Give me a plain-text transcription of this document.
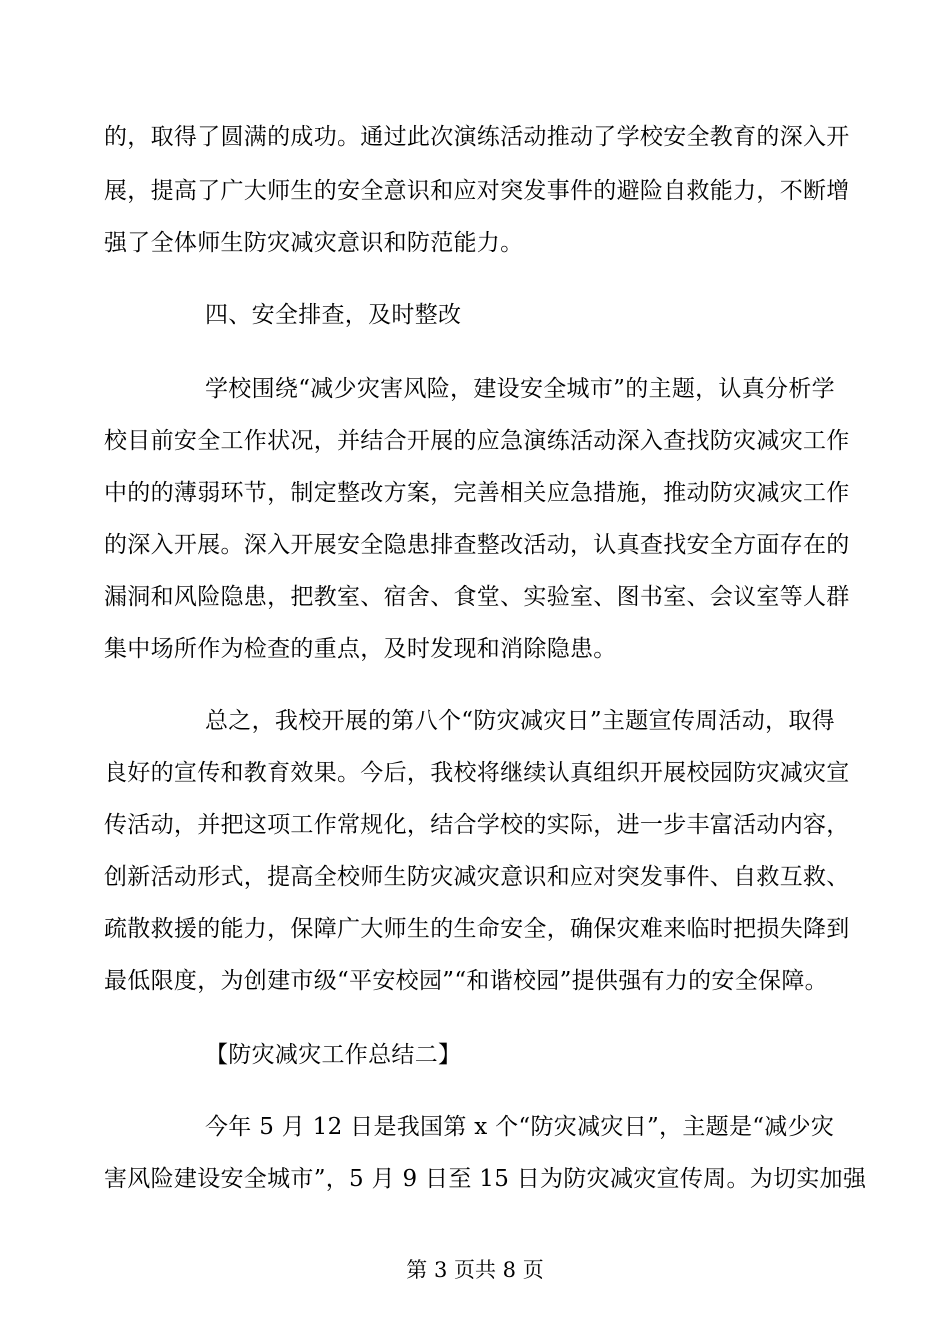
的，取得了圆满的成功。通过此次演练活动推动了学校安全教育的深入开
展，提高了广大师生的安全意识和应对突发事件的避险自救能力，不断增
强了全体师生防灾减灾意识和防范能力。
四、安全排查，及时整改
学校围绕“减少灾害风险，建设安全城市”的主题，认真分析学
校目前安全工作状况，并结合开展的应急演练活动深入查找防灾减灾工作
中的的薄弱环节，制定整改方案，完善相关应急措施，推动防灾减灾工作
的深入开展。深入开展安全隐患排查整改活动，认真查找安全方面存在的
漏洞和风险隐患，把教室、宿舍、食堂、实验室、图书室、会议室等人群
集中场所作为检查的重点，及时发现和消除隐患。
总之，我校开展的第八个“防灾减灾日”主题宣传周活动，取得
良好的宣传和教育效果。今后，我校将继续认真组织开展校园防灾减灾宣
传活动，并把这项工作常规化，结合学校的实际，进一步丰富活动内容，
创新活动形式，提高全校师生防灾减灾意识和应对突发事件、自救互救、
疏散救援的能力，保障广大师生的生命安全，确保灾难来临时把损失降到
最低限度，为创建市级“平安校园”“和谐校园”提供强有力的安全保障。
【防灾减灾工作总结二】
今年 5 月 12 日是我国第 x 个“防灾减灾日”，主题是“减少灾
害风险建设安全城市”，5 月 9 日至 15 日为防灾减灾宣传周。为切实加强
第 3 页共 8 页
